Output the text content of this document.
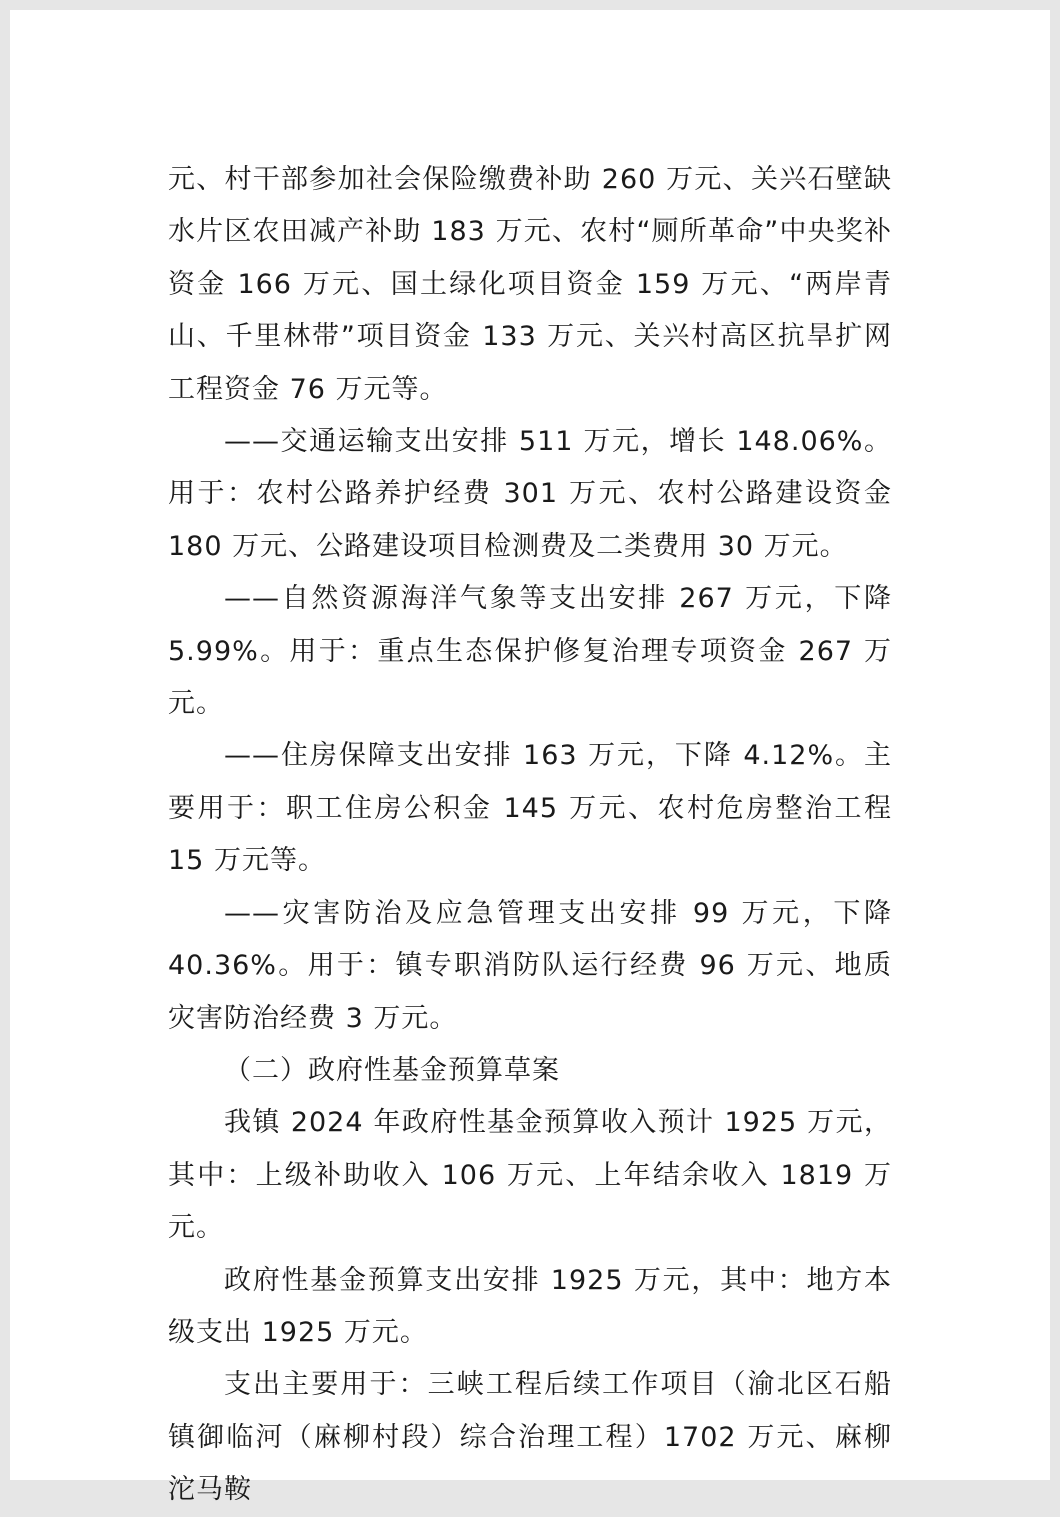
元、村干部参加社会保险缴费补助 260 万元、关兴石壁缺水片区农田减产补助 183 万元、农村“厕所革命”中央奖补资金 166 万元、国土绿化项目资金 159 万元、“两岸青山、千里林带”项目资金 133 万元、关兴村高区抗旱扩网工程资金 76 万元等。

——交通运输支出安排 511 万元，增长 148.06%。用于：农村公路养护经费 301 万元、农村公路建设资金 180 万元、公路建设项目检测费及二类费用 30 万元。

——自然资源海洋气象等支出安排 267 万元，下降 5.99%。用于：重点生态保护修复治理专项资金 267 万元。

——住房保障支出安排 163 万元，下降 4.12%。主要用于：职工住房公积金 145 万元、农村危房整治工程 15 万元等。

——灾害防治及应急管理支出安排 99 万元，下降 40.36%。用于：镇专职消防队运行经费 96 万元、地质灾害防治经费 3 万元。

（二）政府性基金预算草案

我镇 2024 年政府性基金预算收入预计 1925 万元，其中：上级补助收入 106 万元、上年结余收入 1819 万元。

政府性基金预算支出安排 1925 万元，其中：地方本级支出 1925 万元。

支出主要用于：三峡工程后续工作项目（渝北区石船镇御临河（麻柳村段）综合治理工程）1702 万元、麻柳沱马鞍
